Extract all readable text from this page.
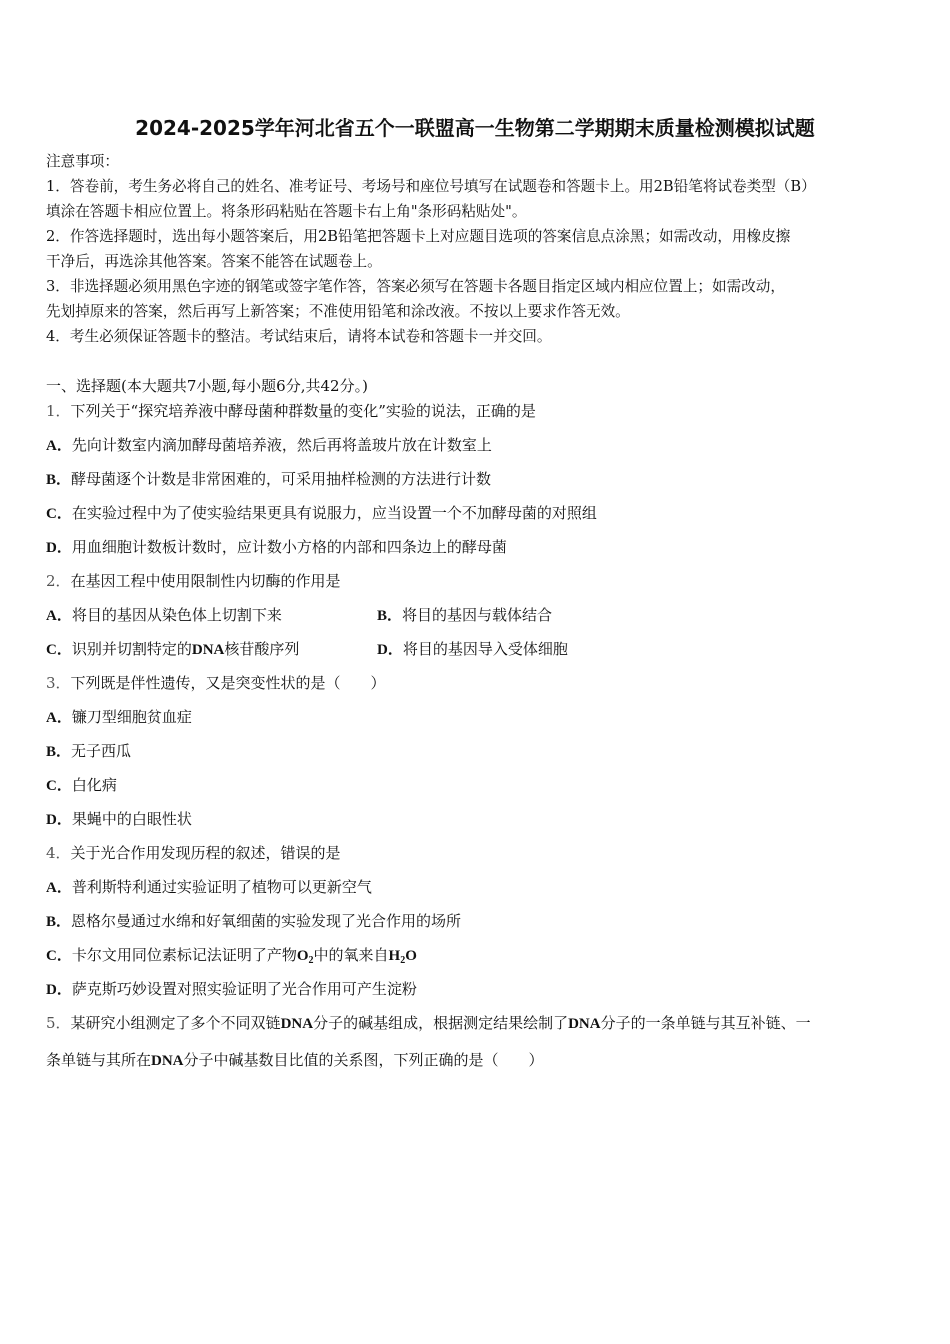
2024-2025学年河北省五个一联盟高一生物第二学期期末质量检测模拟试题
注意事项：
1．答卷前，考生务必将自己的姓名、准考证号、考场号和座位号填写在试题卷和答题卡上。用2B铅笔将试卷类型（B）
填涂在答题卡相应位置上。将条形码粘贴在答题卡右上角"条形码粘贴处"。
2．作答选择题时，选出每小题答案后，用2B铅笔把答题卡上对应题目选项的答案信息点涂黑；如需改动，用橡皮擦
干净后，再选涂其他答案。答案不能答在试题卷上。
3．非选择题必须用黑色字迹的钢笔或签字笔作答，答案必须写在答题卡各题目指定区域内相应位置上；如需改动，
先划掉原来的答案，然后再写上新答案；不准使用铅笔和涂改液。不按以上要求作答无效。
4．考生必须保证答题卡的整洁。考试结束后，请将本试卷和答题卡一并交回。
一、选择题(本大题共7小题,每小题6分,共42分。)
1．下列关于“探究培养液中酵母菌种群数量的变化”实验的说法，正确的是
A．先向计数室内滴加酵母菌培养液，然后再将盖玻片放在计数室上
B．酵母菌逐个计数是非常困难的，可采用抽样检测的方法进行计数
C．在实验过程中为了使实验结果更具有说服力，应当设置一个不加酵母菌的对照组
D．用血细胞计数板计数时，应计数小方格的内部和四条边上的酵母菌
2．在基因工程中使用限制性内切酶的作用是
A．将目的基因从染色体上切割下来	B．将目的基因与载体结合
C．识别并切割特定的DNA核苷酸序列	D．将目的基因导入受体细胞
3．下列既是伴性遗传，又是突变性状的是（　　）
A．镰刀型细胞贫血症
B．无子西瓜
C．白化病
D．果蝇中的白眼性状
4．关于光合作用发现历程的叙述，错误的是
A．普利斯特利通过实验证明了植物可以更新空气
B．恩格尔曼通过水绵和好氧细菌的实验发现了光合作用的场所
C．卡尔文用同位素标记法证明了产物$O_2$中的氧来自$H_2O$
D．萨克斯巧妙设置对照实验证明了光合作用可产生淀粉
5．某研究小组测定了多个不同双链DNA分子的碱基组成，根据测定结果绘制了DNA分子的一条单链与其互补链、一
条单链与其所在DNA分子中碱基数目比值的关系图，下列正确的是（　　）
